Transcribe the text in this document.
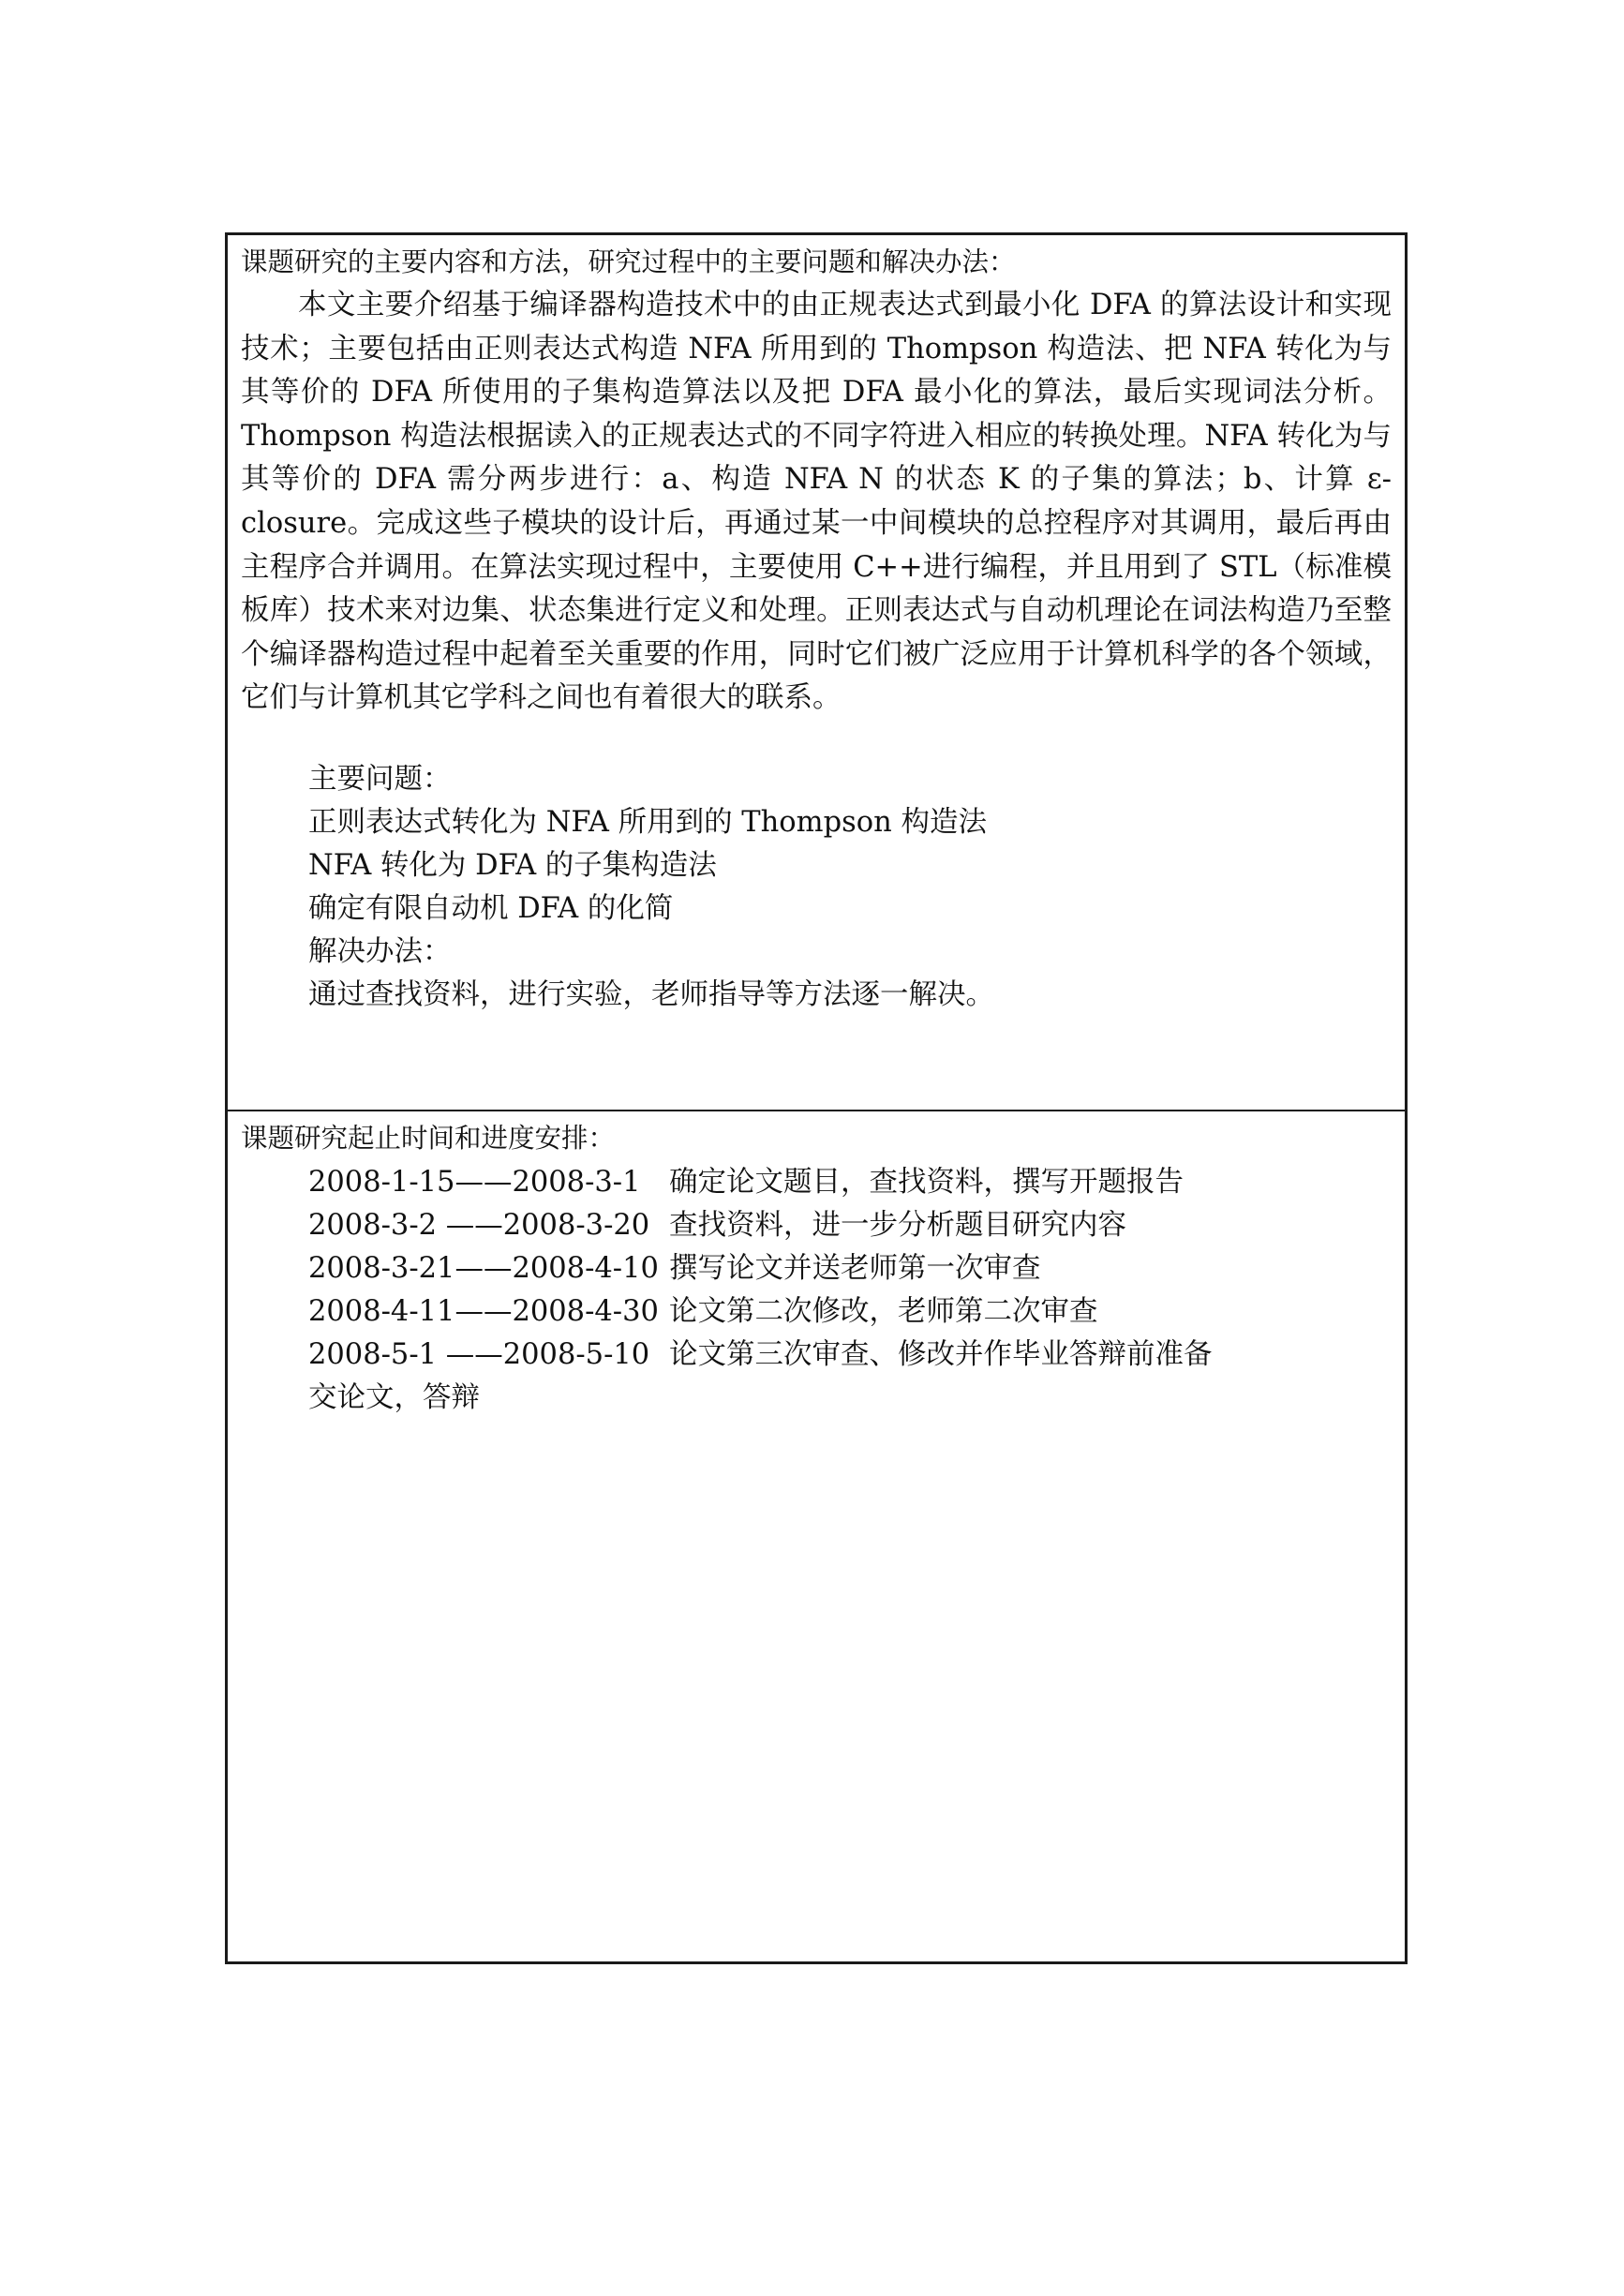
课题研究的主要内容和方法，研究过程中的主要问题和解决办法：
本文主要介绍基于编译器构造技术中的由正规表达式到最小化 DFA 的算法设计和实现技术；主要包括由正则表达式构造 NFA 所用到的 Thompson 构造法、把 NFA 转化为与其等价的 DFA 所使用的子集构造算法以及把 DFA 最小化的算法，最后实现词法分析。Thompson 构造法根据读入的正规表达式的不同字符进入相应的转换处理。NFA 转化为与其等价的 DFA 需分两步进行：a、构造 NFA N 的状态 K 的子集的算法；b、计算 ε-closure。完成这些子模块的设计后，再通过某一中间模块的总控程序对其调用，最后再由主程序合并调用。在算法实现过程中，主要使用 C++进行编程，并且用到了 STL（标准模板库）技术来对边集、状态集进行定义和处理。正则表达式与自动机理论在词法构造乃至整个编译器构造过程中起着至关重要的作用，同时它们被广泛应用于计算机科学的各个领域，它们与计算机其它学科之间也有着很大的联系。
主要问题：
正则表达式转化为 NFA 所用到的 Thompson 构造法
NFA 转化为 DFA 的子集构造法
确定有限自动机 DFA 的化简
解决办法：
通过查找资料，进行实验，老师指导等方法逐一解决。
课题研究起止时间和进度安排：
2008-1-15——2008-3-1 确定论文题目，查找资料，撰写开题报告
2008-3-2 ——2008-3-20 查找资料，进一步分析题目研究内容
2008-3-21——2008-4-10 撰写论文并送老师第一次审查
2008-4-11——2008-4-30 论文第二次修改，老师第二次审查
2008-5-1 ——2008-5-10 论文第三次审查、修改并作毕业答辩前准备
交论文，答辩
